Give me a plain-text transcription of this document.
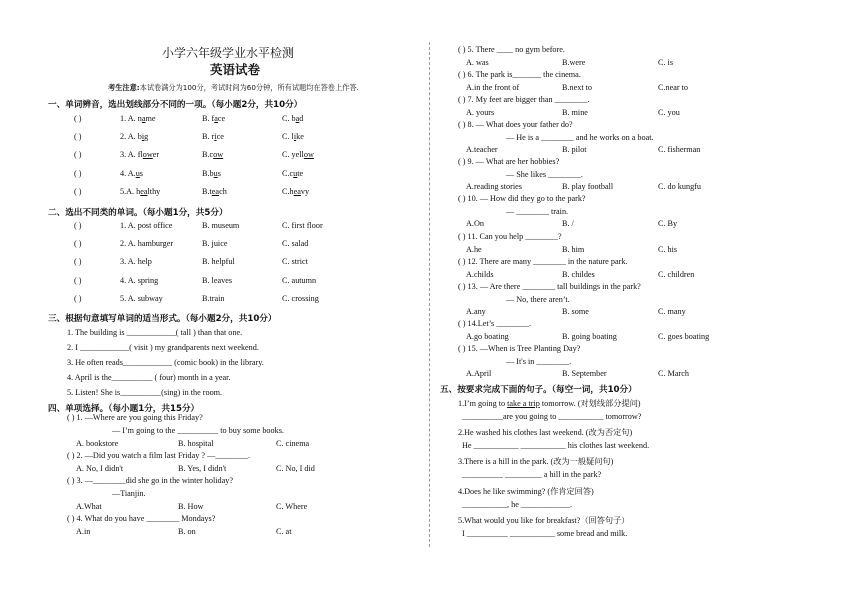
小学六年级学业水平检测
英语试卷
考生注意:本试卷满分为100分，考试时间为60分钟，所有试题均在答卷上作答.
一、单词辨音，选出划线部分不同的一项。（每小题2分，共10分）
( )	1. A. name	B. face	C. bad
( )	2. A. big	B. rice	C. like
( )	3. A. flower	B.cow	C. yellow
( )	4. A.us	B.bus	C.cute
( )	5.A. healthy	B.teach	C.heavy
二、选出不同类的单词。（每小题1分，共5分）
( )	1. A. post office	B. museum	C. first floor
( )	2. A. hamburger	B. juice	C. salad
( )	3. A. help	B. helpful	C. strict
( )	4. A. spring	B. leaves	C. autumn
( )	5. A. subway	B.train	C. crossing
三、根据句意填写单词的适当形式。（每小题2分，共10分）
1. The building is ____________( tall ) than that one.
2. I ____________( visit ) my grandparents next weekend.
3. He often reads____________ (comic book) in the library.
4. April is the__________ ( four) month in a year.
5. Listen! She is__________(sing) in the room.
四、单项选择。（每小题1分，共15分）
( ) 1. —Where are you going this Friday?
— I’m going to the __________ to buy some books.
A. bookstore	B. hospital	C. cinema
( ) 2. —Did you watch a film last Friday ? —________.
A. No, I didn't	B. Yes, I didn't	C. No, I did
( ) 3. —________did she go in the winter holiday?
—Tianjin.
A.What	B. How	C. Where
( ) 4. What do you have ________ Mondays?
A.in	B. on	C. at
( ) 5. There ____ no gym before.
A. was	B.were	C. is
( ) 6. The park is_______ the cinema.
A.in the front of	B.next to	C.near to
( ) 7. My feet are bigger than ________.
A. yours	B. mine	C. you
( ) 8. — What does your father do?
— He is a ________ and he works on a boat.
A.teacher	B. pilot	C. fisherman
( ) 9. — What are her hobbies?
— She likes ________.
A.reading stories	B. play football	C. do kungfu
( ) 10. — How did they go to the park?
— ________ train.
A.On	B. /	C. By
( ) 11. Can you help ________?
A.he	B. him	C. his
( ) 12. There are many ________ in the nature park.
A.childs	B. childes	C. children
( ) 13. — Are there ________ tall buildings in the park?
— No, there aren’t.
A.any	B. some	C. many
( ) 14.Let’s ________.
A.go boating	B. going boating	C. goes boating
( ) 15. —When is Tree Planting Day?
— It's in ________.
A.April	B. September	C. March
五、按要求完成下面的句子。（每空一词，共10分）
1.I’m going to take a trip tomorrow. (对划线部分提问)
__________are you going to ___________ tomorrow?
2.He washed his clothes last weekend. (改为否定句)
He ___________ ___________ his clothes last weekend.
3.There is a hill in the park. (改为一般疑问句)
__________ _________ a hill in the park?
4.Does he like swimming? (作肯定回答)
___________, he ____________.
5.What would you like for breakfast?（回答句子）
I __________ ___________ some bread and milk.
